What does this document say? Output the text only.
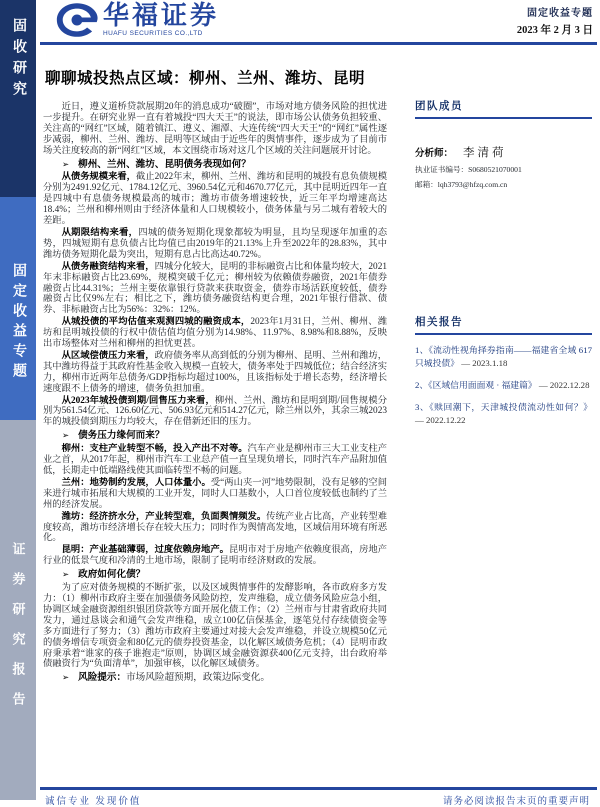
固收研究
固定收益专题
证券研究报告
华福证券
HUAFU SECURITIES CO.,LTD
固定收益专题
2023 年 2 月 3 日
聊聊城投热点区域：柳州、兰州、潍坊、昆明

近日，遵义道桥贷款展期20年的消息成功“破圈”，市场对地方债务风险的担忧进一步提升。在研究业界一直有着城投“四大天王”的说法，即市场公认债务负担较重、关注高的“网红”区域，随着镇江、遵义、湘潭、大连传统“四大天王”的“网红”属性逐步减弱，柳州、兰州、潍坊、昆明等区域由于近些年的舆情事件，逐步成为了目前市场关注度较高的新“网红”区域，本文围绕市场对这几个区域的关注问题展开讨论。

➢ 柳州、兰州、潍坊、昆明债务表现如何？

从债务规模来看，截止2022年末，柳州、兰州、潍坊和昆明的城投有息负债规模分别为2491.92亿元、1784.12亿元、3960.54亿元和4670.77亿元，其中昆明近四年一直是四城中有息债务规模最高的城市；潍坊市债务增速较快，近三年平均增速高达18.4%；兰州和柳州则由于经济体量和人口规模较小，债务体量与另二城有着较大的差距。

从期限结构来看，四城的债务短期化现象都较为明显，且均呈现逐年加重的态势，四城短期有息负债占比均值已由2019年的21.13%上升至2022年的28.83%，其中潍坊债务短期化最为突出，短期有息占比高达40.72%。

从债务融资结构来看，四城分化较大，昆明的非标融资占比和体量均较大，2021年末非标融资占比23.69%，规模突破千亿元；柳州较为依赖债券融资，2021年债券融资占比44.31%；兰州主要依靠银行贷款来获取资金，债券市场活跃度较低，债券融资占比仅9%左右；相比之下，潍坊债务融资结构更合理，2021年银行借款、债券、非标融资占比为56%：32%：12%。

从城投债的平均估值来观测四城的融资成本，2023年1月31日，兰州、柳州、潍坊和昆明城投债的行权中债估值均值分别为14.98%、11.97%、8.98%和8.88%，反映出市场整体对兰州和柳州的担忧更甚。

从区域偿债压力来看，政府债务率从高到低的分别为柳州、昆明、兰州和潍坊，其中潍坊得益于其政府性基金收入规模一直较大，债务率处于四城低位；结合经济实力，柳州市近两年总债务/GDP指标均超过100%，且该指标处于增长态势，经济增长速度跟不上债务的增速，债务负担加重。

从2023年城投债到期/回售压力来看，柳州、兰州、潍坊和昆明到期/回售规模分别为561.54亿元、126.60亿元、506.93亿元和514.27亿元，除兰州以外，其余三城2023年的城投债到期压力均较大，存在借新还旧的压力。

➢ 债务压力缘何而来？

柳州：支柱产业转型不畅，投入产出不对等。汽车产业是柳州市三大工业支柱产业之首，从2017年起，柳州市汽车工业总产值一直呈现负增长，同时汽车产品附加值低，长期走中低端路线使其面临转型不畅的问题。

兰州：地势制约发展，人口体量小。受“两山夹一河”地势限制，没有足够的空间来进行城市拓展和大规模的工业开发，同时人口基数小，人口首位度较低也制约了兰州的经济发展。

潍坊：经济挤水分，产业转型难，负面舆情频发。传统产业占比高，产业转型难度较高，潍坊市经济增长存在较大压力；同时作为舆情高发地，区域信用环境有所恶化。

昆明：产业基础薄弱，过度依赖房地产。昆明市对于房地产依赖度很高，房地产行业的低景气度和冷清的土地市场，限制了昆明市经济财政的发展。

➢ 政府如何化债？

为了应对债务规模的不断扩张，以及区域舆情事件的发酵影响，各市政府多方发力：（1）柳州市政府主要在加强债务风险防控，发声维稳，成立债务风险应急小组，协调区域金融资源组织银团贷款等方面开展化债工作；（2）兰州市与甘肃省政府共同发力，通过恳谈会和通气会发声维稳，成立100亿信保基金，逐笔兑付存续债资金等多方面进行了努力；（3）潍坊市政府主要通过对接大会发声维稳，并设立规模50亿元的债务增信专项资金和80亿元的债券投资基金，以化解区域债务危机；（4）昆明市政府秉承着“谁家的孩子谁抱走”原则，协调区域金融资源获400亿元支持，出台政府举债融资行为“负面清单”，加强审核，以化解区域债务。

➢ 风险提示：市场风险超预期，政策边际变化。
团队成员
分析师： 李清荷
执业证书编号：S0680521070001
邮箱：lqh3793@hfzq.com.cn
相关报告

1、《流动性视角择券指南——福建省全域 617 只城投债》 — 2023.1.18

2、《区域信用面面观 · 福建篇》 — 2022.12.28

3、《赎回潮下，天津城投债流动性如何？》 — 2022.12.22

诚信专业 发现价值	请务必阅读报告末页的重要声明
